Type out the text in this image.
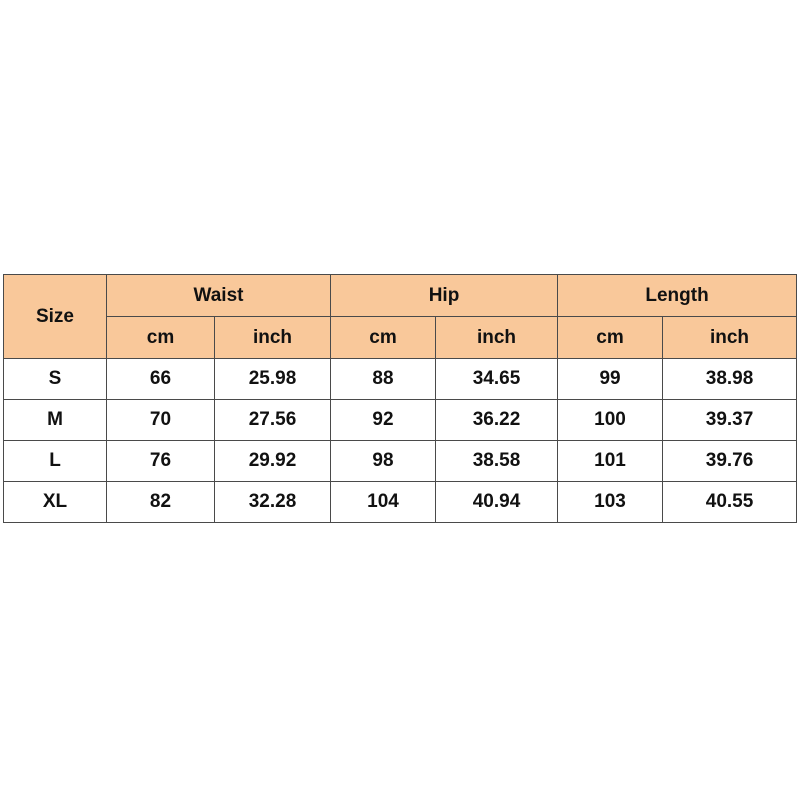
Size	Waist		Hip		Length	
	cm	inch	cm	inch	cm	inch
S	66	25.98	88	34.65	99	38.98
M	70	27.56	92	36.22	100	39.37
L	76	29.92	98	38.58	101	39.76
XL	82	32.28	104	40.94	103	40.55
